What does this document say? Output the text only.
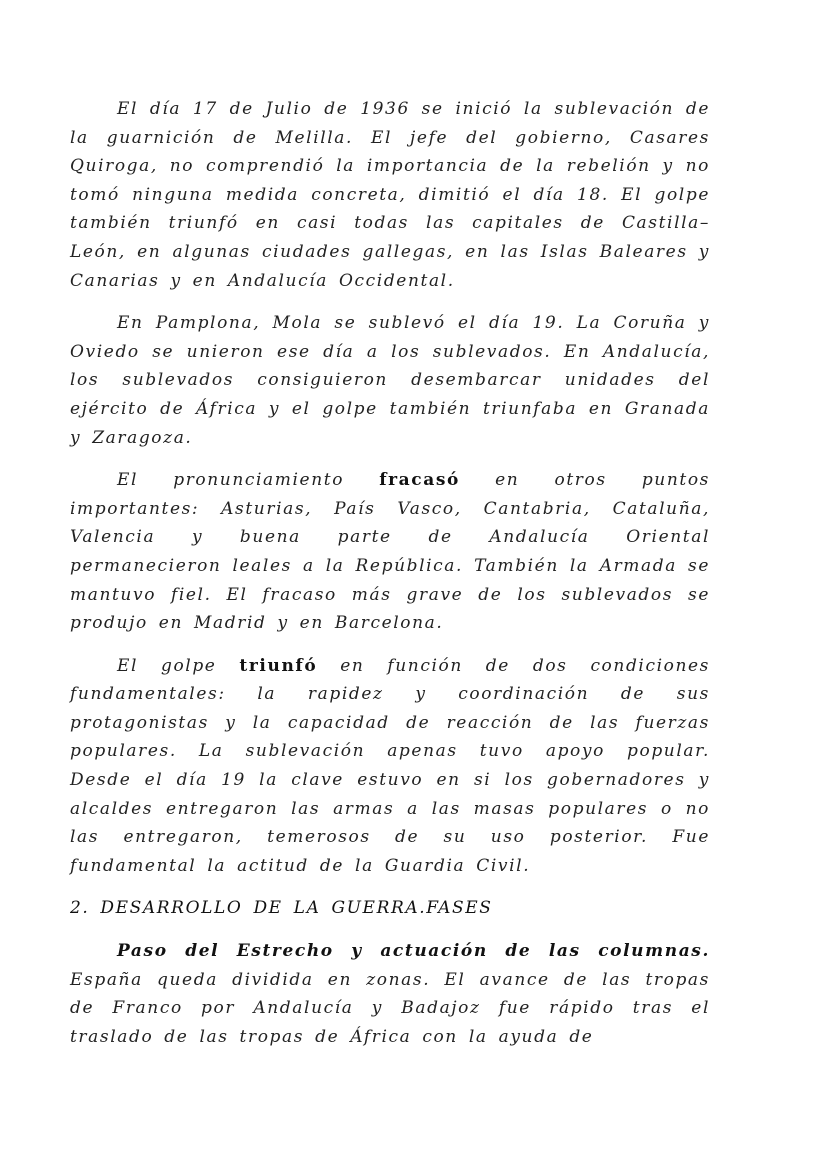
El día 17 de Julio de 1936 se inició la sublevación de la guarnición de Melilla. El jefe del gobierno, Casares Quiroga, no comprendió la importancia de la rebelión y no tomó ninguna medida concreta, dimitió el día 18. El golpe también triunfó en casi todas las capitales de Castilla–León, en algunas ciudades gallegas, en las Islas Baleares y Canarias y en Andalucía Occidental.

En Pamplona, Mola se sublevó el día 19. La Coruña y Oviedo se unieron ese día a los sublevados. En Andalucía, los sublevados consiguieron desembarcar unidades del ejército de África y el golpe también triunfaba en Granada y Zaragoza.

El pronunciamiento fracasó en otros puntos importantes: Asturias, País Vasco, Cantabria, Cataluña, Valencia y buena parte de Andalucía Oriental permanecieron leales a la República. También la Armada se mantuvo fiel. El fracaso más grave de los sublevados se produjo en Madrid y en Barcelona.

El golpe triunfó en función de dos condiciones fundamentales: la rapidez y coordinación de sus protagonistas y la capacidad de reacción de las fuerzas populares. La sublevación apenas tuvo apoyo popular. Desde el día 19 la clave estuvo en si los gobernadores y alcaldes entregaron las armas a las masas populares o no las entregaron, temerosos de su uso posterior. Fue fundamental la actitud de la Guardia Civil.

2. DESARROLLO DE LA GUERRA.FASES

Paso del Estrecho y actuación de las columnas. España queda dividida en zonas. El avance de las tropas de Franco por Andalucía y Badajoz fue rápido tras el traslado de las tropas de África con la ayuda de
